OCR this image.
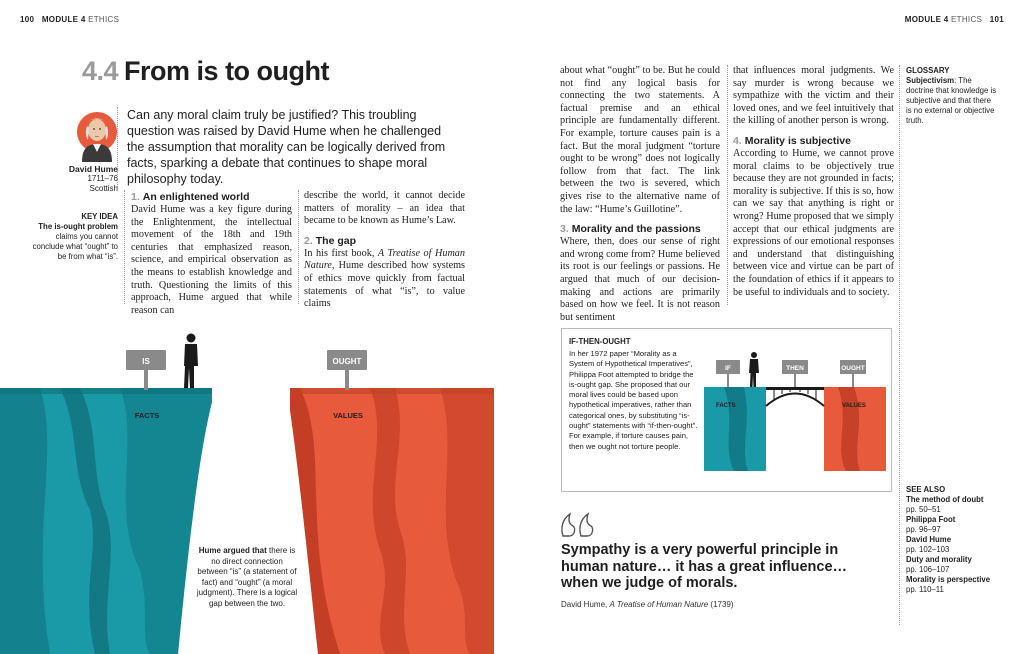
100 MODULE 4 ETHICS	MODULE 4 ETHICS 101
4.4 From is to ought
David Hume
1711–76
Scottish
KEY IDEA
The is-ought problem claims you cannot conclude what “ought” to be from what “is”.
Can any moral claim truly be justified? This troubling question was raised by David Hume when he challenged the assumption that morality can be logically derived from facts, sparking a debate that continues to shape moral philosophy today.
1. An enlightened world
David Hume was a key figure during the Enlightenment, the intellectual movement of the 18th and 19th centuries that emphasized reason, science, and empirical observation as the means to establish knowledge and truth. Questioning the limits of this approach, Hume argued that while reason can
describe the world, it cannot decide matters of morality – an idea that became to be known as Hume’s Law.
2. The gap
In his first book, A Treatise of Human Nature, Hume described how systems of ethics move quickly from factual statements of what “is”, to value claims
about what “ought” to be. But he could not find any logical basis for connecting the two statements. A factual premise and an ethical principle are fundamentally different. For example, torture causes pain is a fact. But the moral judgment “torture ought to be wrong” does not logically follow from that fact. The link between the two is severed, which gives rise to the alternative name of the law: “Hume’s Guillotine”.
3. Morality and the passions
Where, then, does our sense of right and wrong come from? Hume believed its root is our feelings or passions. He argued that much of our decision-making and actions are primarily based on how we feel. It is not reason but sentiment
that influences moral judgments. We say murder is wrong because we sympathize with the victim and their loved ones, and we feel intuitively that the killing of another person is wrong.
4. Morality is subjective
According to Hume, we cannot prove moral claims to be objectively true because they are not grounded in facts; morality is subjective. If this is so, how can we say that anything is right or wrong? Hume proposed that we simply accept that our ethical judgments are expressions of our emotional responses and understand that distinguishing between vice and virtue can be part of the foundation of ethics if it appears to be useful to individuals and to society.
GLOSSARY
Subjectivism: The doctrine that knowledge is subjective and that there is no external or objective truth.
SEE ALSO
The method of doubt
pp. 50–51
Philippa Foot
pp. 96–97
David Hume
pp. 102–103
Duty and morality
pp. 106–107
Morality is perspective
pp. 110–11
IS	OUGHT
FACTS	VALUES
Hume argued that there is no direct connection between “is” (a statement of fact) and “ought” (a moral judgment). There is a logical gap between the two.
IF-THEN-OUGHT
In her 1972 paper “Morality as a System of Hypothetical Imperatives”, Philippa Foot attempted to bridge the is-ought gap. She proposed that our moral lives could be based upon hypothetical imperatives, rather than categorical ones, by substituting “is-ought” statements with “if-then-ought”. For example, if torture causes pain, then we ought not torture people.
IF	THEN	OUGHT
FACTS	VALUES
Sympathy is a very powerful principle in human nature… it has a great influence… when we judge of morals.
David Hume, A Treatise of Human Nature (1739)
